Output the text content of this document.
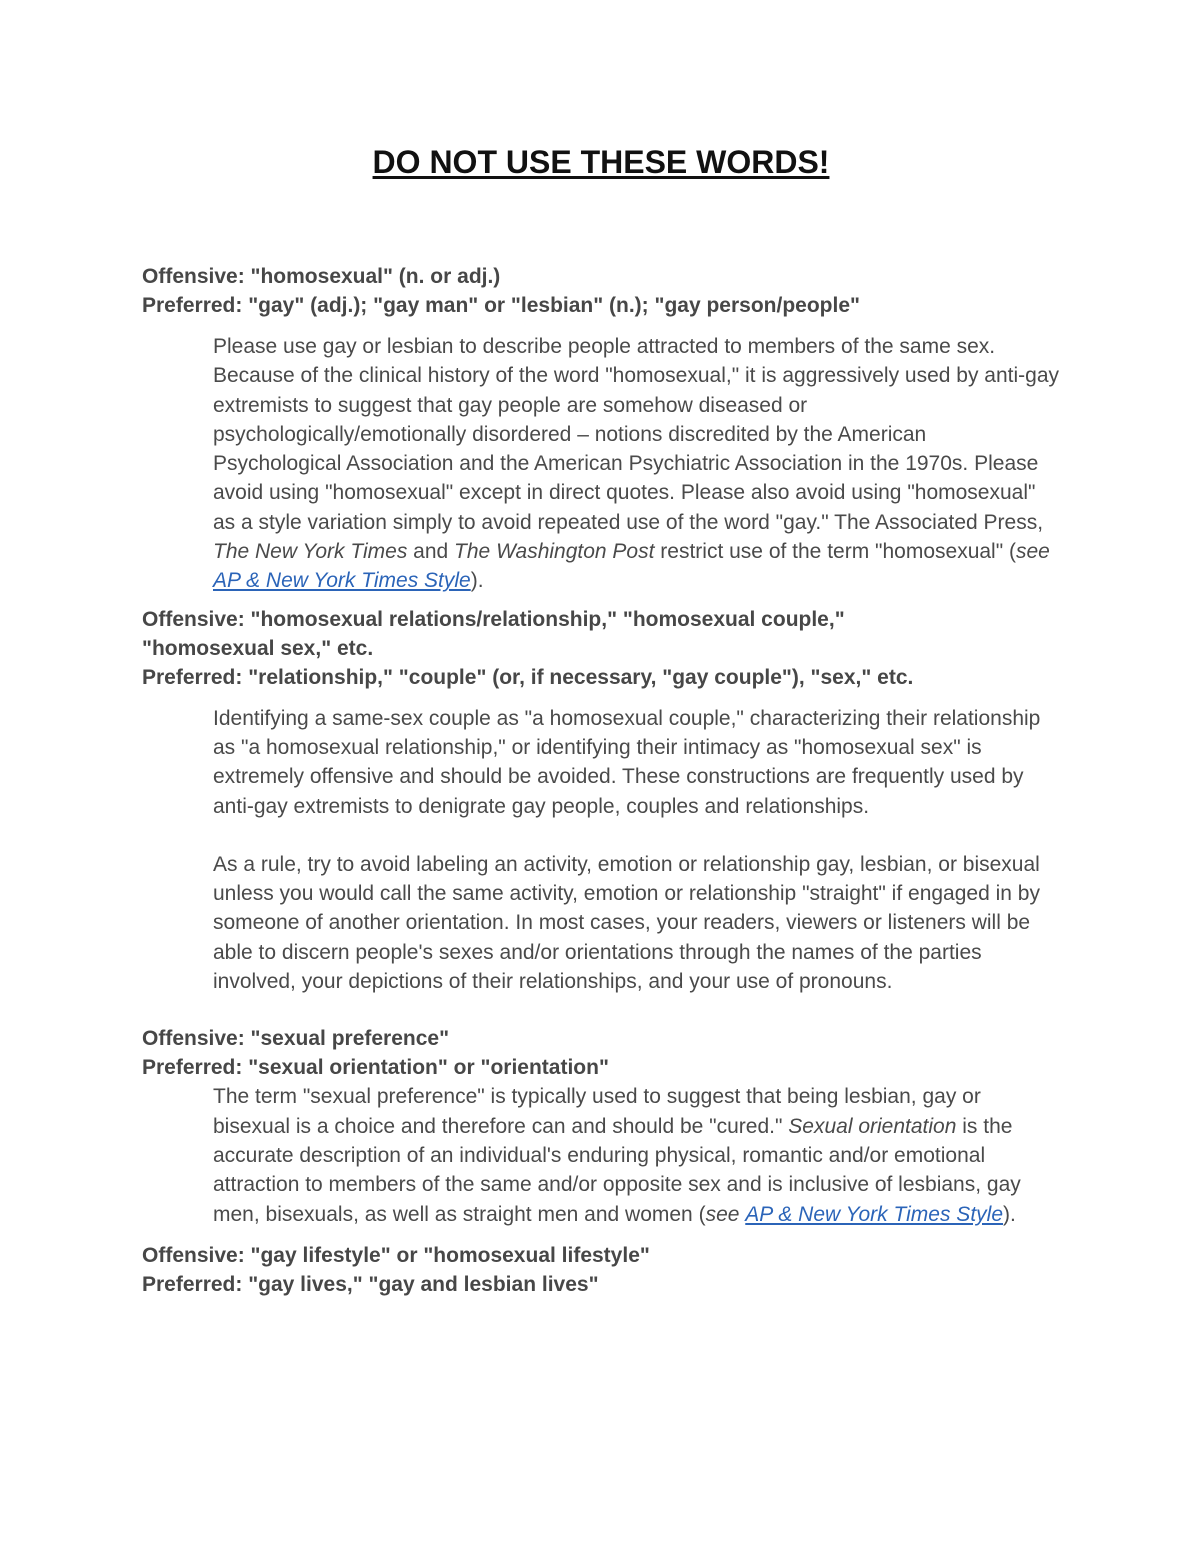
DO NOT USE THESE WORDS!
Offensive: "homosexual" (n. or adj.)
Preferred: "gay" (adj.); "gay man" or "lesbian" (n.); "gay person/people"

Please use gay or lesbian to describe people attracted to members of the same sex. Because of the clinical history of the word "homosexual," it is aggressively used by anti-gay extremists to suggest that gay people are somehow diseased or psychologically/emotionally disordered – notions discredited by the American Psychological Association and the American Psychiatric Association in the 1970s. Please avoid using "homosexual" except in direct quotes. Please also avoid using "homosexual" as a style variation simply to avoid repeated use of the word "gay." The Associated Press, The New York Times and The Washington Post restrict use of the term "homosexual" (see AP & New York Times Style).

Offensive: "homosexual relations/relationship," "homosexual couple,"
"homosexual sex," etc.
Preferred: "relationship," "couple" (or, if necessary, "gay couple"), "sex," etc.

Identifying a same-sex couple as "a homosexual couple," characterizing their relationship as "a homosexual relationship," or identifying their intimacy as "homosexual sex" is extremely offensive and should be avoided. These constructions are frequently used by anti-gay extremists to denigrate gay people, couples and relationships.

As a rule, try to avoid labeling an activity, emotion or relationship gay, lesbian, or bisexual unless you would call the same activity, emotion or relationship "straight" if engaged in by someone of another orientation. In most cases, your readers, viewers or listeners will be able to discern people's sexes and/or orientations through the names of the parties involved, your depictions of their relationships, and your use of pronouns.

Offensive: "sexual preference"
Preferred: "sexual orientation" or "orientation"

The term "sexual preference" is typically used to suggest that being lesbian, gay or bisexual is a choice and therefore can and should be "cured." Sexual orientation is the accurate description of an individual's enduring physical, romantic and/or emotional attraction to members of the same and/or opposite sex and is inclusive of lesbians, gay men, bisexuals, as well as straight men and women (see AP & New York Times Style).

Offensive: "gay lifestyle" or "homosexual lifestyle"
Preferred: "gay lives," "gay and lesbian lives"
